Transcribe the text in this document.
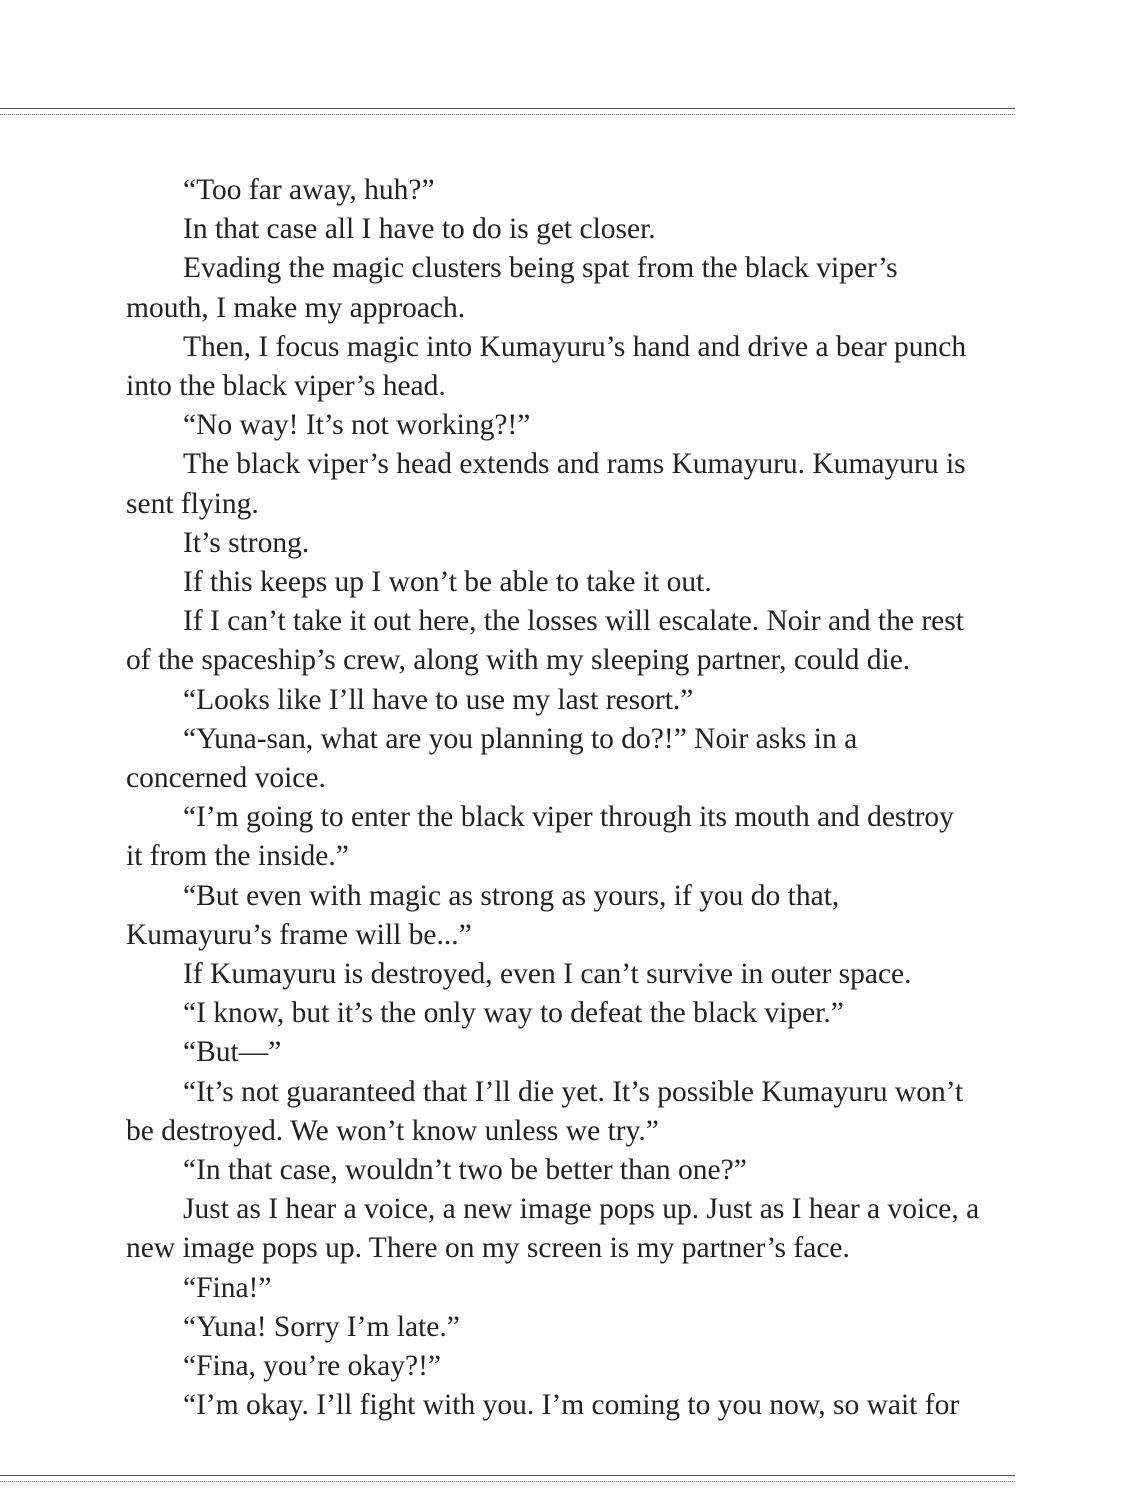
“Too far away, huh?”

In that case all I have to do is get closer.

Evading the magic clusters being spat from the black viper’s

mouth, I make my approach.

Then, I focus magic into Kumayuru’s hand and drive a bear punch

into the black viper’s head.

“No way! It’s not working?!”

The black viper’s head extends and rams Kumayuru. Kumayuru is

sent flying.

It’s strong.

If this keeps up I won’t be able to take it out.

If I can’t take it out here, the losses will escalate. Noir and the rest

of the spaceship’s crew, along with my sleeping partner, could die.

“Looks like I’ll have to use my last resort.”

“Yuna-san, what are you planning to do?!” Noir asks in a

concerned voice.

“I’m going to enter the black viper through its mouth and destroy

it from the inside.”

“But even with magic as strong as yours, if you do that,

Kumayuru’s frame will be...”

If Kumayuru is destroyed, even I can’t survive in outer space.

“I know, but it’s the only way to defeat the black viper.”

“But—”

“It’s not guaranteed that I’ll die yet. It’s possible Kumayuru won’t

be destroyed. We won’t know unless we try.”

“In that case, wouldn’t two be better than one?”

Just as I hear a voice, a new image pops up. Just as I hear a voice, a

new image pops up. There on my screen is my partner’s face.

“Fina!”

“Yuna! Sorry I’m late.”

“Fina, you’re okay?!”

“I’m okay. I’ll fight with you. I’m coming to you now, so wait for
